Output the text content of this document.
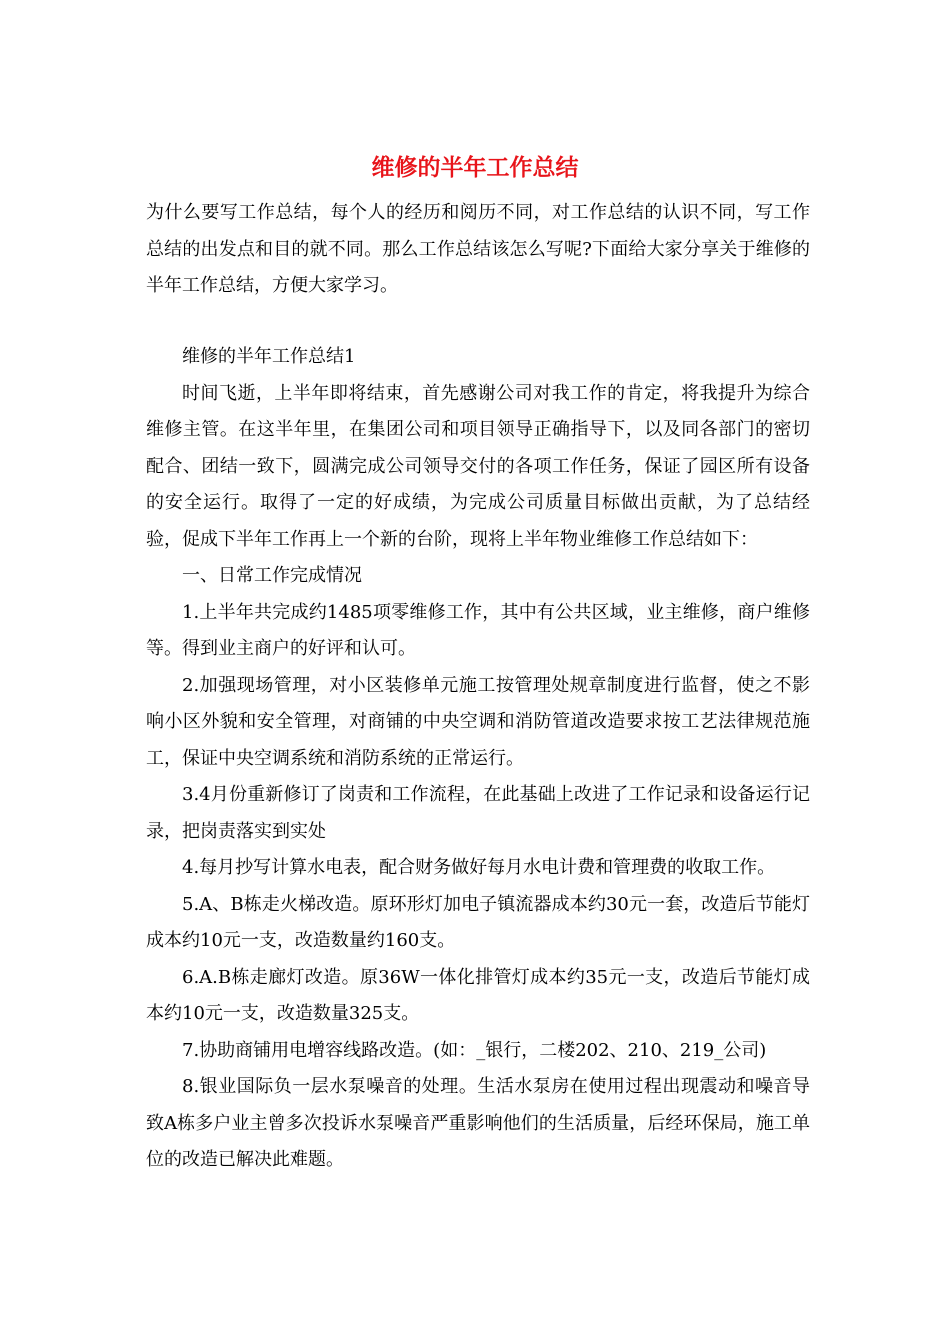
维修的半年工作总结

为什么要写工作总结，每个人的经历和阅历不同，对工作总结的认识不同，写工作总结的出发点和目的就不同。那么工作总结该怎么写呢?下面给大家分享关于维修的半年工作总结，方便大家学习。

维修的半年工作总结1

时间飞逝，上半年即将结束，首先感谢公司对我工作的肯定，将我提升为综合维修主管。在这半年里，在集团公司和项目领导正确指导下，以及同各部门的密切配合、团结一致下，圆满完成公司领导交付的各项工作任务，保证了园区所有设备的安全运行。取得了一定的好成绩，为完成公司质量目标做出贡献，为了总结经验，促成下半年工作再上一个新的台阶，现将上半年物业维修工作总结如下：

一、日常工作完成情况

1.上半年共完成约1485项零维修工作，其中有公共区域，业主维修，商户维修等。得到业主商户的好评和认可。

2.加强现场管理，对小区装修单元施工按管理处规章制度进行监督，使之不影响小区外貌和安全管理，对商铺的中央空调和消防管道改造要求按工艺法律规范施工，保证中央空调系统和消防系统的正常运行。

3.4月份重新修订了岗责和工作流程，在此基础上改进了工作记录和设备运行记录，把岗责落实到实处

4.每月抄写计算水电表，配合财务做好每月水电计费和管理费的收取工作。

5.A、B栋走火梯改造。原环形灯加电子镇流器成本约30元一套，改造后节能灯成本约10元一支，改造数量约160支。

6.A.B栋走廊灯改造。原36W一体化排管灯成本约35元一支，改造后节能灯成本约10元一支，改造数量325支。

7.协助商铺用电增容线路改造。(如：_银行，二楼202、210、219_公司)

8.银业国际负一层水泵噪音的处理。生活水泵房在使用过程出现震动和噪音导致A栋多户业主曾多次投诉水泵噪音严重影响他们的生活质量，后经环保局，施工单位的改造已解决此难题。
